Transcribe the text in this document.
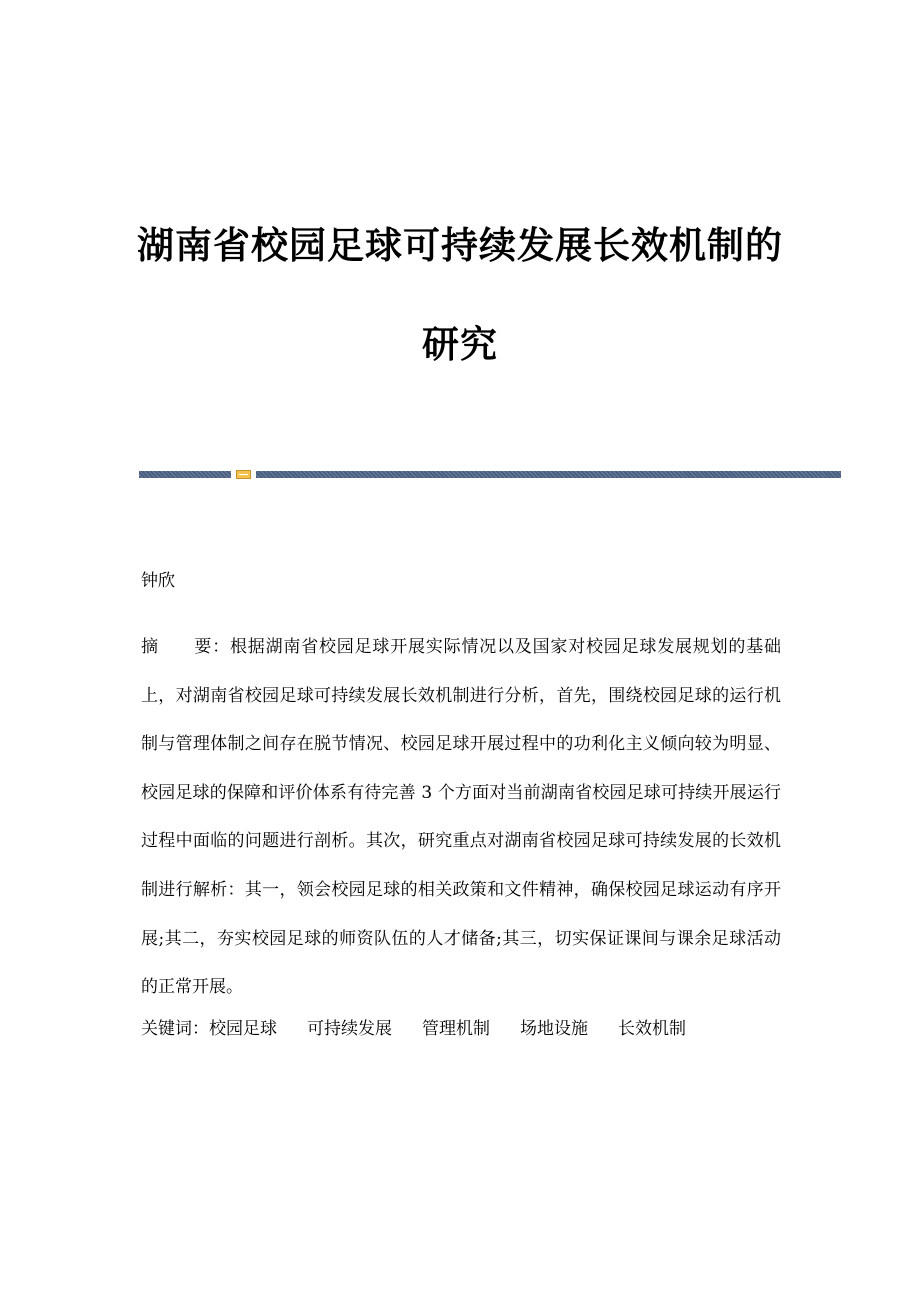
湖南省校园足球可持续发展长效机制的
研究

钟欣

摘　　要：根据湖南省校园足球开展实际情况以及国家对校园足球发展规划的基础上，对湖南省校园足球可持续发展长效机制进行分析，首先，围绕校园足球的运行机制与管理体制之间存在脱节情况、校园足球开展过程中的功利化主义倾向较为明显、校园足球的保障和评价体系有待完善 3 个方面对当前湖南省校园足球可持续开展运行过程中面临的问题进行剖析。其次，研究重点对湖南省校园足球可持续发展的长效机制进行解析：其一，领会校园足球的相关政策和文件精神，确保校园足球运动有序开展;其二，夯实校园足球的师资队伍的人才储备;其三，切实保证课间与课余足球活动的正常开展。

关键词：校园足球 可持续发展 管理机制 场地设施 长效机制
